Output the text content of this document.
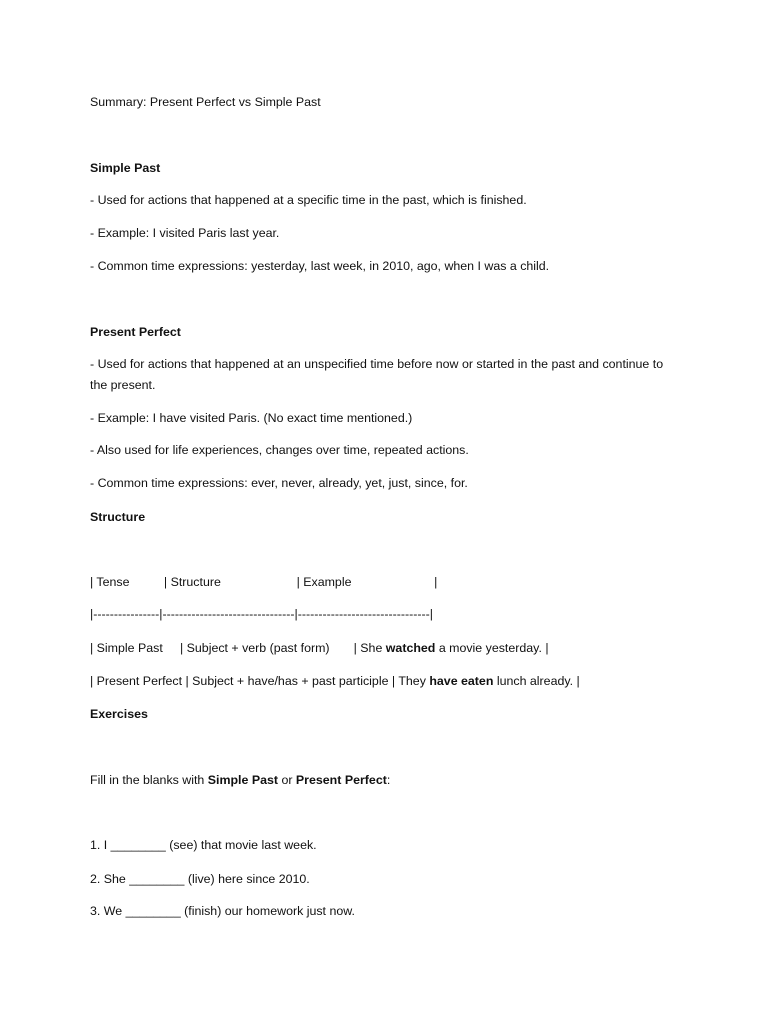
Summary: Present Perfect vs Simple Past

Simple Past

- Used for actions that happened at a specific time in the past, which is finished.

- Example: I visited Paris last year.

- Common time expressions: yesterday, last week, in 2010, ago, when I was a child.

Present Perfect

- Used for actions that happened at an unspecified time before now or started in the past and continue to the present.

- Example: I have visited Paris. (No exact time mentioned.)

- Also used for life experiences, changes over time, repeated actions.

- Common time expressions: ever, never, already, yet, just, since, for.

Structure

| Tense          | Structure                      | Example                        |

|----------------|--------------------------------|--------------------------------|

| Simple Past     | Subject + verb (past form)       | She watched a movie yesterday. |

| Present Perfect | Subject + have/has + past participle | They have eaten lunch already. |

Exercises

Fill in the blanks with Simple Past or Present Perfect:

1. I ________ (see) that movie last week.

2. She ________ (live) here since 2010.

3. We ________ (finish) our homework just now.
